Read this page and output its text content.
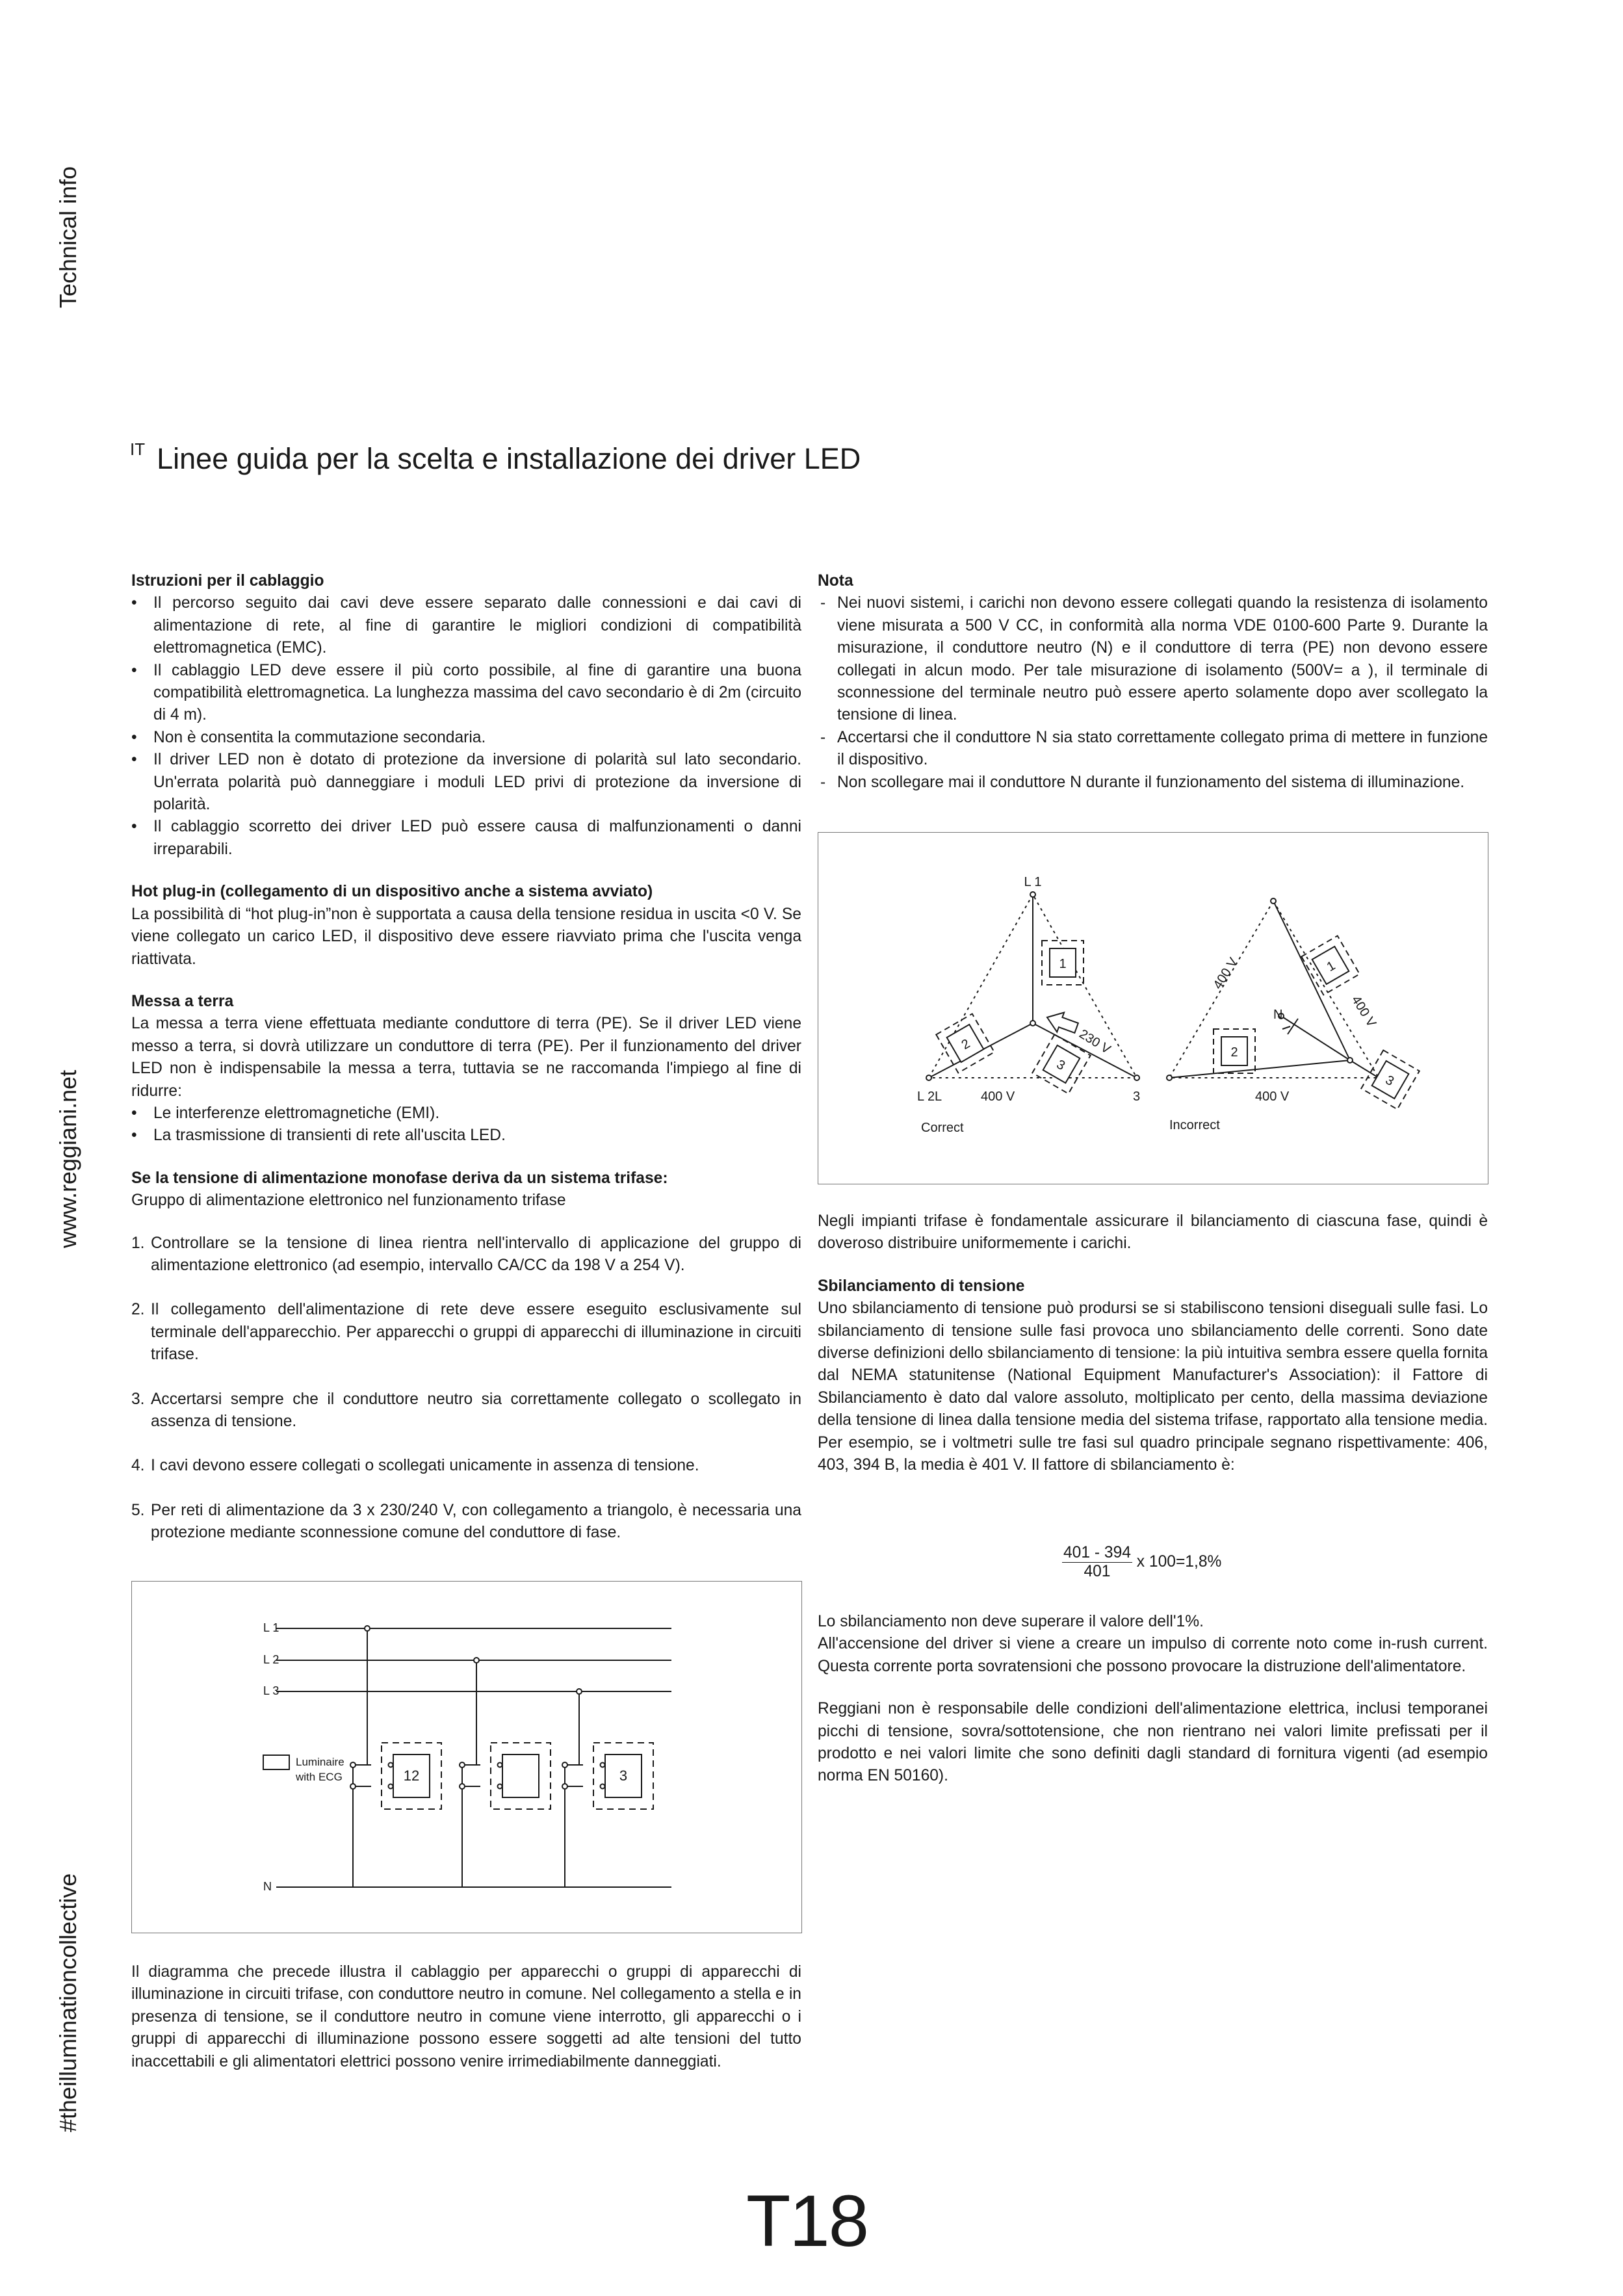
Technical info
www.reggiani.net
#theilluminationcollective
$^{IT}$ Linee guida per la scelta e installazione dei driver LED

Istruzioni per il cablaggio

• Il percorso seguito dai cavi deve essere separato dalle connessioni e dai cavi di alimentazione di rete, al fine di garantire le migliori condizioni di compatibilità elettromagnetica (EMC).
• Il cablaggio LED deve essere il più corto possibile, al fine di garantire una buona compatibilità elettromagnetica. La lunghezza massima del cavo secondario è di 2m (circuito di 4 m).
• Non è consentita la commutazione secondaria.
• Il driver LED non è dotato di protezione da inversione di polarità sul lato secondario. Un'errata polarità può danneggiare i moduli LED privi di protezione da inversione di polarità.
• Il cablaggio scorretto dei driver LED può essere causa di malfunzionamenti o danni irreparabili.

Hot plug-in (collegamento di un dispositivo anche a sistema avviato)

La possibilità di “hot plug-in”non è supportata a causa della tensione residua in uscita <0 V. Se viene collegato un carico LED, il dispositivo deve essere riavviato prima che l'uscita venga riattivata.

Messa a terra

La messa a terra viene effettuata mediante conduttore di terra (PE). Se il driver LED viene messo a terra, si dovrà utilizzare un conduttore di terra (PE). Per il funzionamento del driver LED non è indispensabile la messa a terra, tuttavia se ne raccomanda l'impiego al fine di ridurre:

• Le interferenze elettromagnetiche (EMI).
• La trasmissione di transienti di rete all'uscita LED.

Se la tensione di alimentazione monofase deriva da un sistema trifase:

Gruppo di alimentazione elettronico nel funzionamento trifase

1. Controllare se la tensione di linea rientra nell'intervallo di applicazione del gruppo di alimentazione elettronico (ad esempio, intervallo CA/CC da 198 V a 254 V).
2. Il collegamento dell'alimentazione di rete deve essere eseguito esclusivamente sul terminale dell'apparecchio. Per apparecchi o gruppi di apparecchi di illuminazione in circuiti trifase.
3. Accertarsi sempre che il conduttore neutro sia correttamente collegato o scollegato in assenza di tensione.
4. I cavi devono essere collegati o scollegati unicamente in assenza di tensione.
5. Per reti di alimentazione da 3 x 230/240 V, con collegamento a triangolo, è necessaria una protezione mediante sconnessione comune del conduttore di fase.
L 1
L 2
L 3
N
Luminaire
with ECG	12	3

Il diagramma che precede illustra il cablaggio per apparecchi o gruppi di apparecchi di illuminazione in circuiti trifase, con conduttore neutro in comune. Nel collegamento a stella e in presenza di tensione, se il conduttore neutro in comune viene interrotto, gli apparecchi o i gruppi di apparecchi di illuminazione possono essere soggetti ad alte tensioni del tutto inaccettabili e gli alimentatori elettrici possono venire irrimediabilmente danneggiati.

Nota

- Nei nuovi sistemi, i carichi non devono essere collegati quando la resistenza di isolamento viene misurata a 500 V CC, in conformità alla norma VDE 0100-600 Parte 9. Durante la misurazione, il conduttore neutro (N) e il conduttore di terra (PE) non devono essere collegati in alcun modo. Per tale misurazione di isolamento (500V= a ), il terminale di sconnessione del terminale neutro può essere aperto solamente dopo aver scollegato la tensione di linea.
- Accertarsi che il conduttore N sia stato correttamente collegato prima di mettere in funzione il dispositivo.
- Non scollegare mai il conduttore N durante il funzionamento del sistema di illuminazione.
1
2
3
L 1
L 2L	400 V	3
230 V
Correct
1
2
3
N
400 V
400 V
400 V
Incorrect

Negli impianti trifase è fondamentale assicurare il bilanciamento di ciascuna fase, quindi è doveroso distribuire uniformemente i carichi.

Sbilanciamento di tensione

Uno sbilanciamento di tensione può prodursi se si stabiliscono tensioni diseguali sulle fasi. Lo sbilanciamento di tensione sulle fasi provoca uno sbilanciamento delle correnti. Sono date diverse definizioni dello sbilanciamento di tensione: la più intuitiva sembra essere quella fornita dal NEMA statunitense (National Equipment Manufacturer's Association): il Fattore di Sbilanciamento è dato dal valore assoluto, moltiplicato per cento, della massima deviazione della tensione di linea dalla tensione media del sistema trifase, rapportato alla tensione media. Per esempio, se i voltmetri sulle tre fasi sul quadro principale segnano rispettivamente: 406, 403, 394 B, la media è 401 V. Il fattore di sbilanciamento è:

$\frac{401 - 394}{401}$ x 100=1,8%

Lo sbilanciamento non deve superare il valore dell'1%.

All'accensione del driver si viene a creare un impulso di corrente noto come in-rush current. Questa corrente porta sovratensioni che possono provocare la distruzione dell'alimentatore.

Reggiani non è responsabile delle condizioni dell'alimentazione elettrica, inclusi temporanei picchi di tensione, sovra/sottotensione, che non rientrano nei valori limite prefissati per il prodotto e nei valori limite che sono definiti dagli standard di fornitura vigenti (ad esempio norma EN 50160).

T18
